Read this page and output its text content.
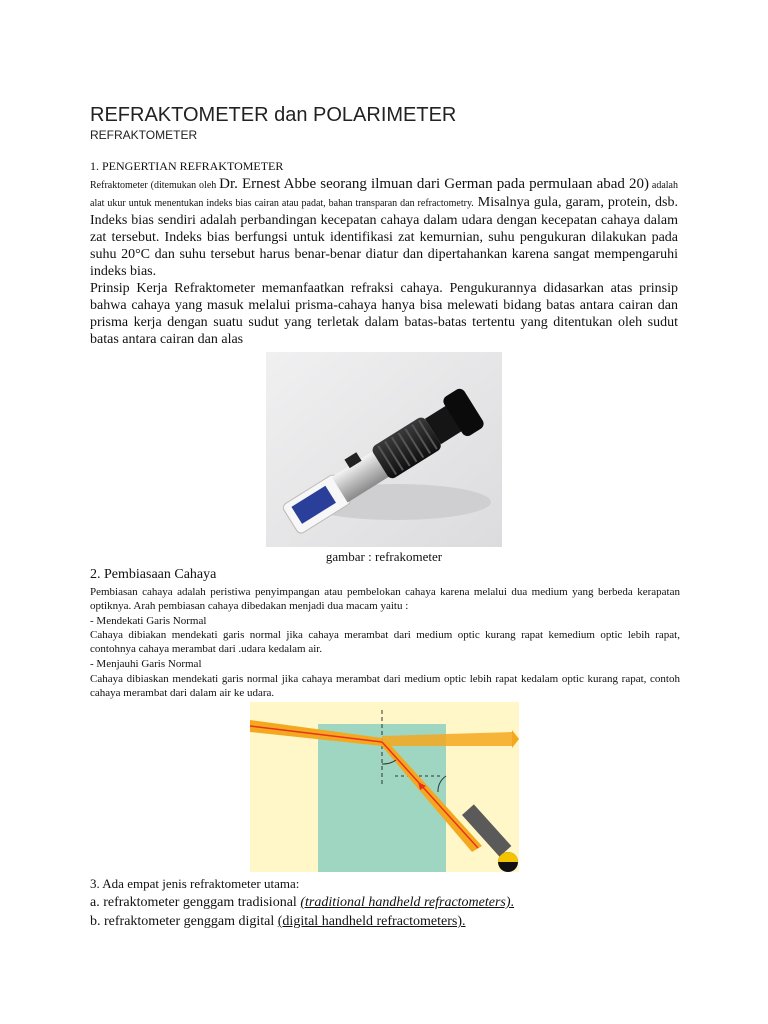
REFRAKTOMETER dan POLARIMETER
REFRAKTOMETER
1. PENGERTIAN REFRAKTOMETER
Refraktometer (ditemukan oleh Dr. Ernest Abbe seorang ilmuan dari German pada permulaan abad 20) adalah alat ukur untuk menentukan indeks bias cairan atau padat, bahan transparan dan refractometry. Misalnya gula, garam, protein, dsb. Indeks bias sendiri adalah perbandingan kecepatan cahaya dalam udara dengan kecepatan cahaya dalam zat tersebut. Indeks bias berfungsi untuk identifikasi zat kemurnian, suhu pengukuran dilakukan pada suhu 20°C dan suhu tersebut harus benar-benar diatur dan dipertahankan karena sangat mempengaruhi indeks bias.
Prinsip Kerja Refraktometer memanfaatkan refraksi cahaya. Pengukurannya didasarkan atas prinsip bahwa cahaya yang masuk melalui prisma-cahaya hanya bisa melewati bidang batas antara cairan dan prisma kerja dengan suatu sudut yang terletak dalam batas-batas tertentu yang ditentukan oleh sudut batas antara cairan dan alas
gambar : refrakometer
2. Pembiasaan Cahaya
Pembiasan cahaya adalah peristiwa penyimpangan atau pembelokan cahaya karena melalui dua medium yang berbeda kerapatan optiknya. Arah pembiasan cahaya dibedakan menjadi dua macam yaitu :
- Mendekati Garis Normal
Cahaya dibiakan mendekati garis normal jika cahaya merambat dari medium optic kurang rapat kemedium optic lebih rapat, contohnya cahaya merambat dari .udara kedalam air.
- Menjauhi Garis Normal
Cahaya dibiaskan mendekati garis normal jika cahaya merambat dari medium optic lebih rapat kedalam optic kurang rapat, contoh cahaya merambat dari dalam air ke udara.
3. Ada empat jenis refraktometer utama:
a. refraktometer genggam tradisional (traditional handheld refractometers).
b. refraktometer genggam digital (digital handheld refractometers).
